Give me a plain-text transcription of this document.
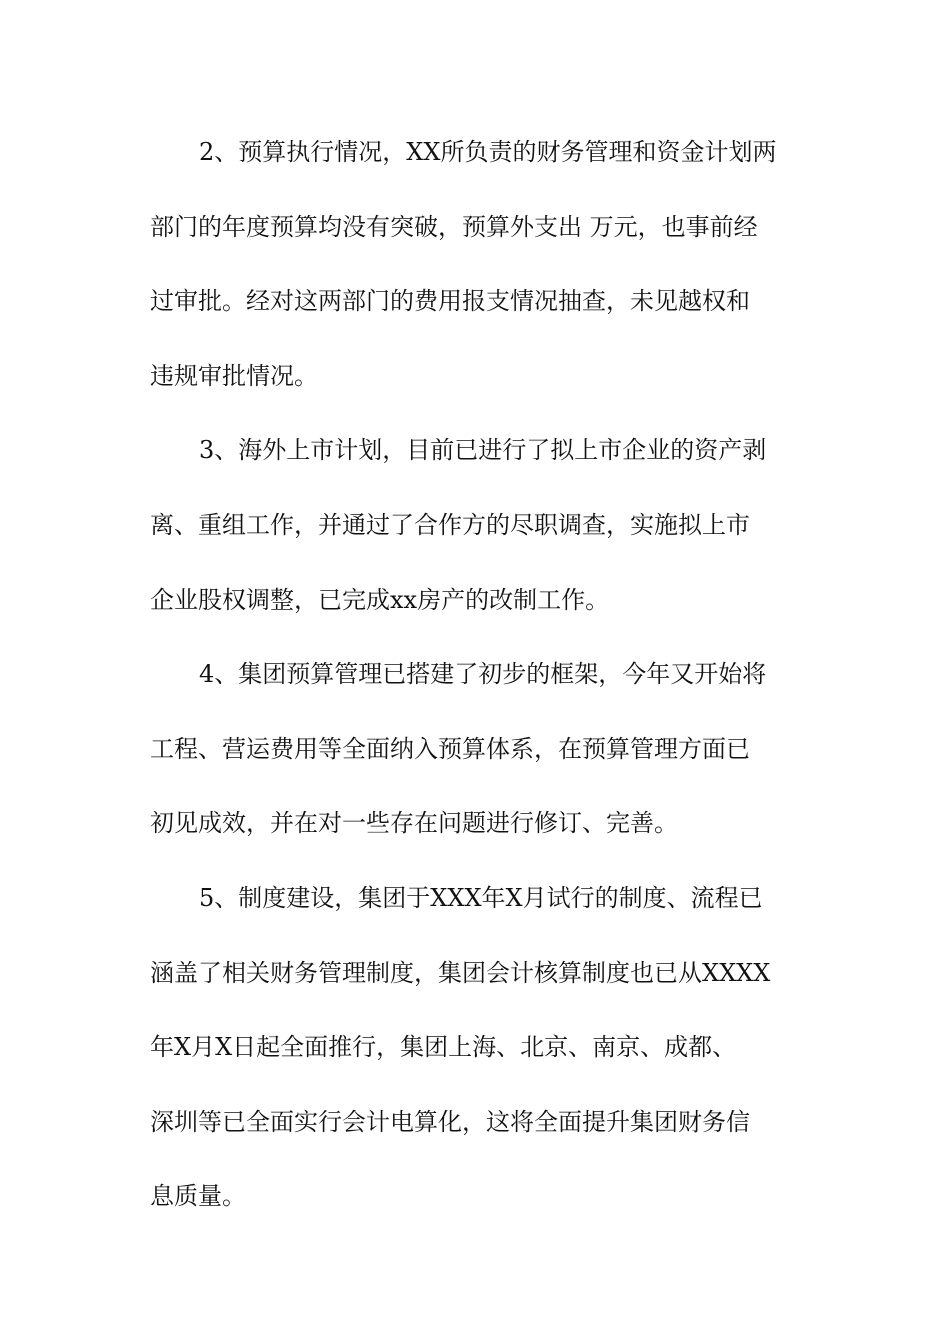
2、预算执行情况，XX所负责的财务管理和资金计划两
部门的年度预算均没有突破，预算外支出 万元，也事前经
过审批。经对这两部门的费用报支情况抽查，未见越权和
违规审批情况。
3、海外上市计划，目前已进行了拟上市企业的资产剥
离、重组工作，并通过了合作方的尽职调查，实施拟上市
企业股权调整，已完成xx房产的改制工作。
4、集团预算管理已搭建了初步的框架，今年又开始将
工程、营运费用等全面纳入预算体系，在预算管理方面已
初见成效，并在对一些存在问题进行修订、完善。
5、制度建设，集团于XXX年X月试行的制度、流程已
涵盖了相关财务管理制度，集团会计核算制度也已从XXXX
年X月X日起全面推行，集团上海、北京、南京、成都、
深圳等已全面实行会计电算化，这将全面提升集团财务信
息质量。
